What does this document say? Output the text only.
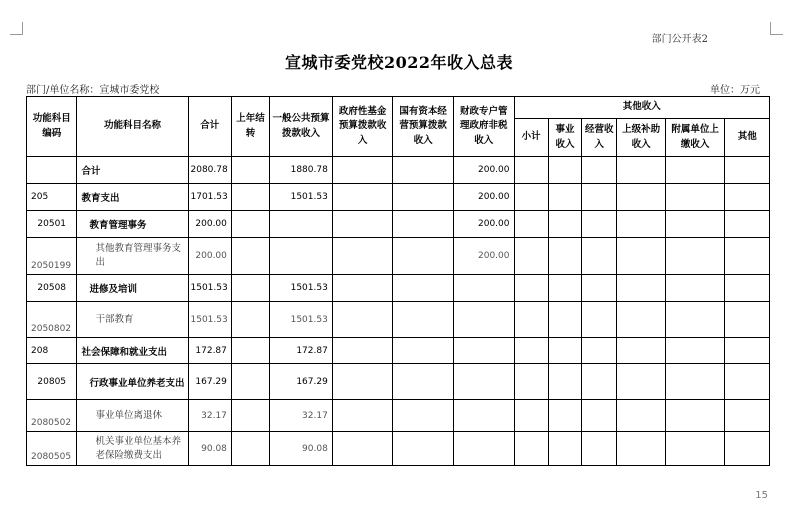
部门公开表2
宣城市委党校2022年收入总表
部门/单位名称：宣城市委党校	单位：万元
功能科目编码	功能科目名称	合计	上年结转	一般公共预算拨款收入	政府性基金预算拨款收入	国有资本经营预算拨款收入	财政专户管理政府非税收入	其他收入					
								小计	事业收入	经营收入	上级补助收入	附属单位上缴收入	其他
	合计	2080.78		1880.78			200.00						
205	教育支出	1701.53		1501.53			200.00						
20501	教育管理事务	200.00					200.00						
2050199	其他教育管理事务支出	200.00					200.00						
20508	进修及培训	1501.53		1501.53									
2050802	干部教育	1501.53		1501.53									
208	社会保障和就业支出	172.87		172.87									
20805	行政事业单位养老支出	167.29		167.29									
2080502	事业单位离退休	32.17		32.17									
2080505	机关事业单位基本养老保险缴费支出	90.08		90.08									
15
